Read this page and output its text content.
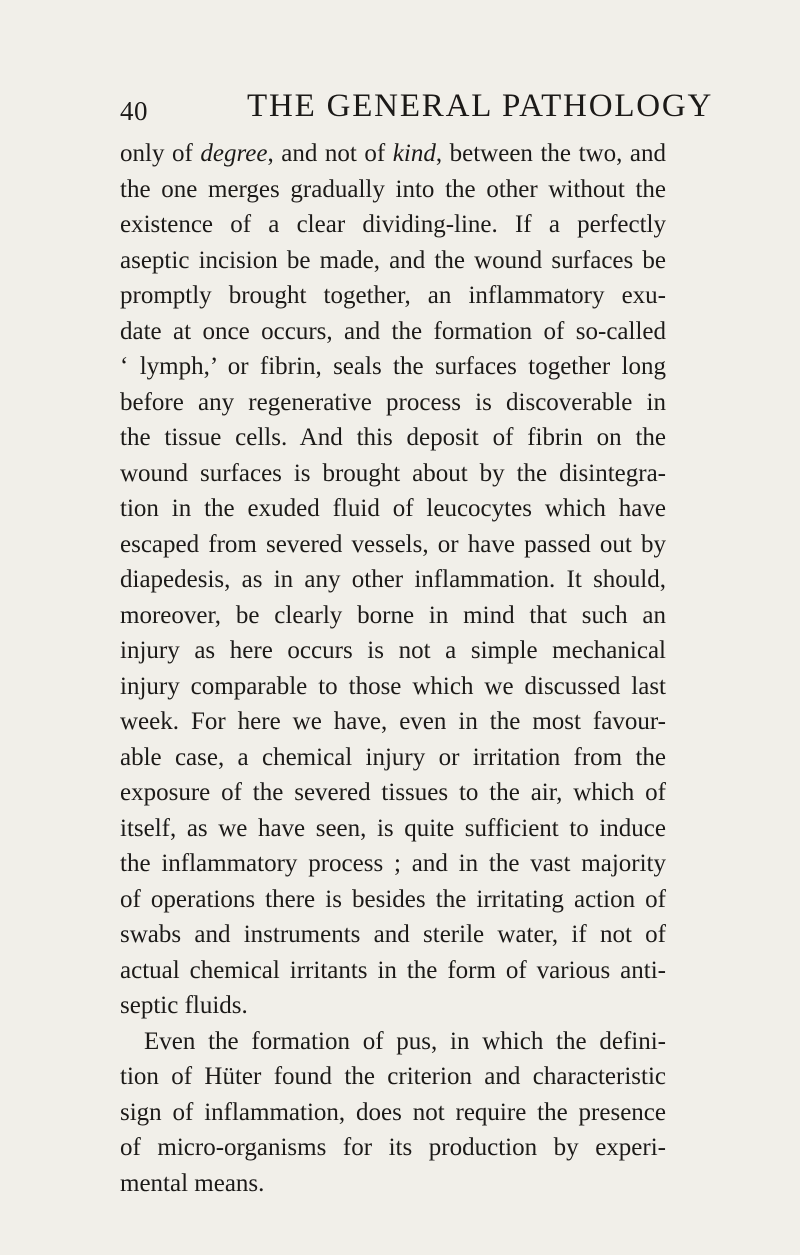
40	THE GENERAL PATHOLOGY
only of degree, and not of kind, between the two, and
the one merges gradually into the other without the
existence of a clear dividing-line. If a perfectly
aseptic incision be made, and the wound surfaces be
promptly brought together, an inflammatory exu-
date at once occurs, and the formation of so-called
‘ lymph,’ or fibrin, seals the surfaces together long
before any regenerative process is discoverable in
the tissue cells. And this deposit of fibrin on the
wound surfaces is brought about by the disintegra-
tion in the exuded fluid of leucocytes which have
escaped from severed vessels, or have passed out by
diapedesis, as in any other inflammation. It should,
moreover, be clearly borne in mind that such an
injury as here occurs is not a simple mechanical
injury comparable to those which we discussed last
week. For here we have, even in the most favour-
able case, a chemical injury or irritation from the
exposure of the severed tissues to the air, which of
itself, as we have seen, is quite sufficient to induce
the inflammatory process ; and in the vast majority
of operations there is besides the irritating action of
swabs and instruments and sterile water, if not of
actual chemical irritants in the form of various anti-
septic fluids.
Even the formation of pus, in which the defini-
tion of Hüter found the criterion and characteristic
sign of inflammation, does not require the presence
of micro-organisms for its production by experi-
mental means.
